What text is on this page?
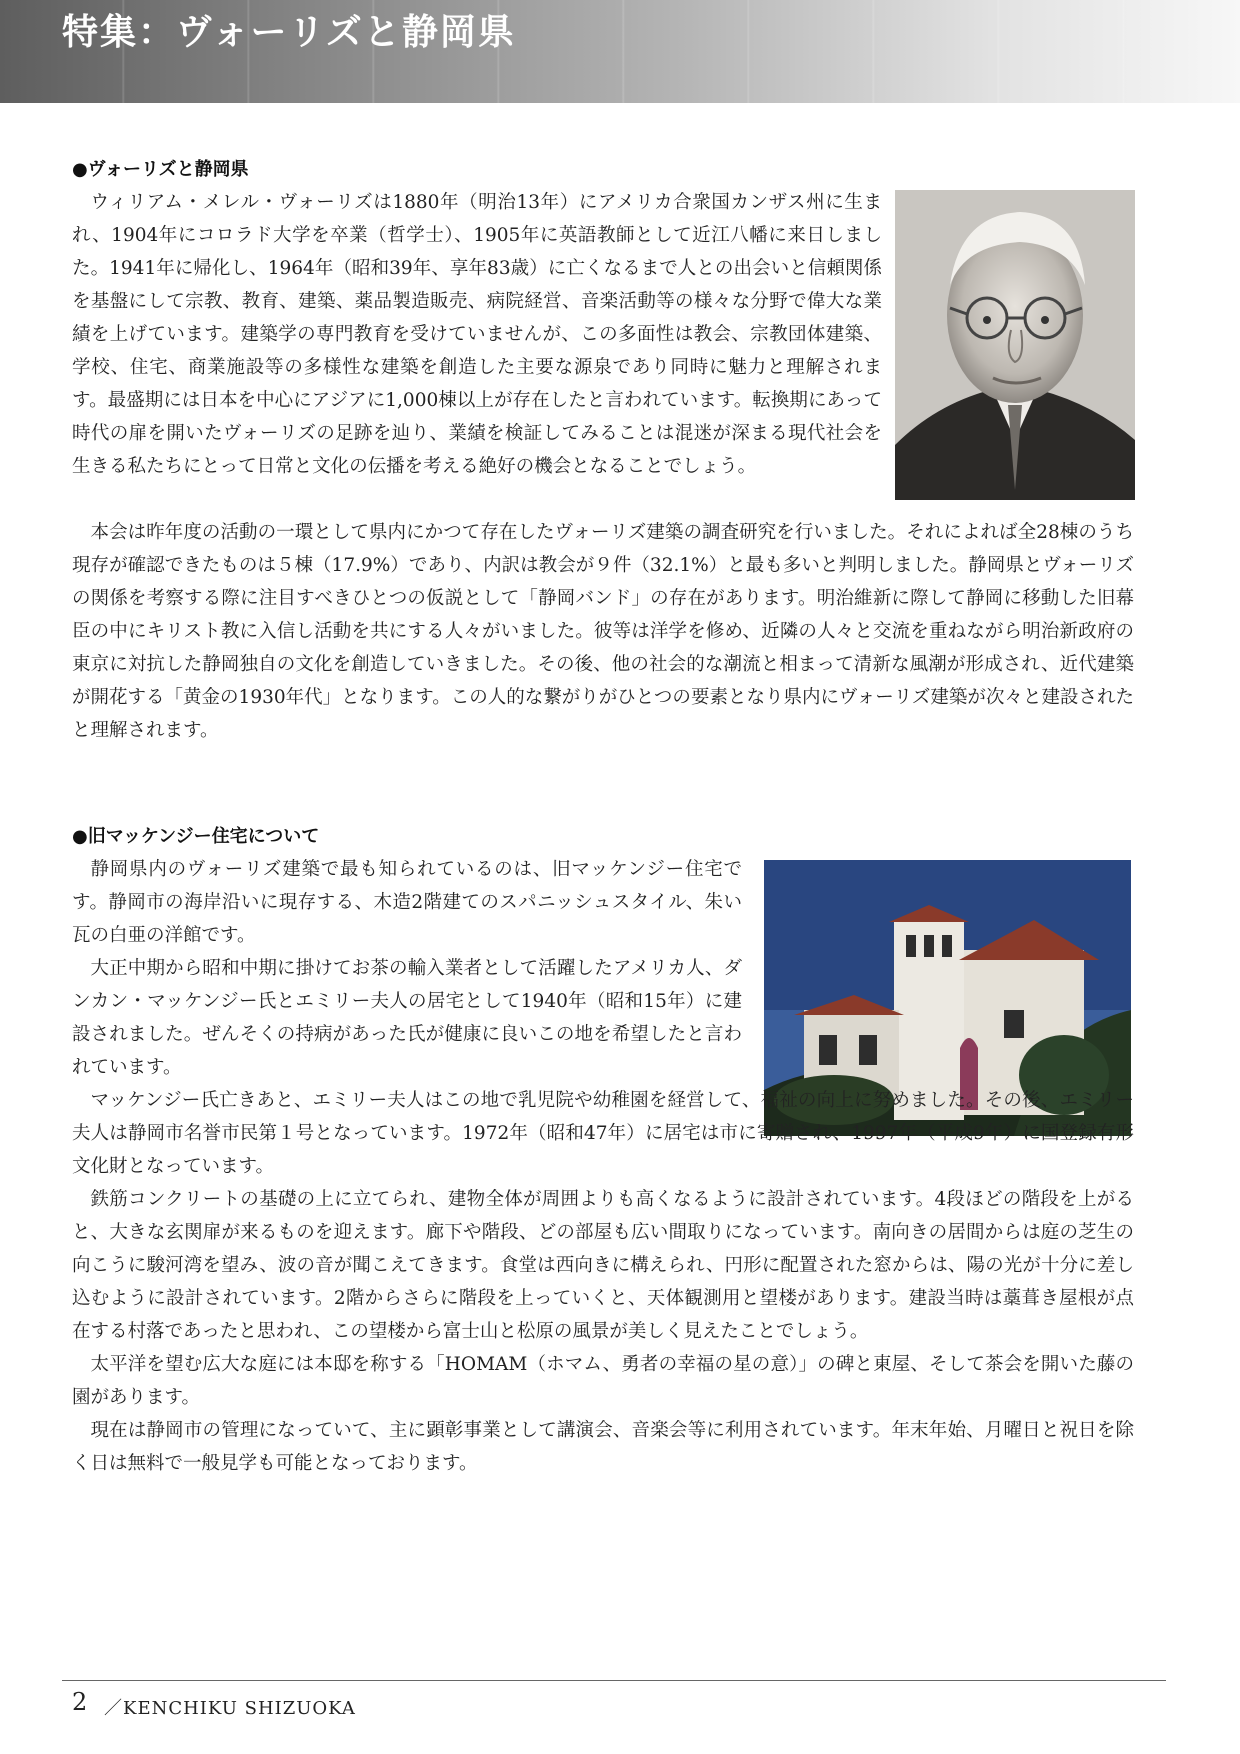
特集：ヴォーリズと静岡県
●ヴォーリズと静岡県

ウィリアム・メレル・ヴォーリズは1880年（明治13年）にアメリカ合衆国カンザス州に生まれ、1904年にコロラド大学を卒業（哲学士）、1905年に英語教師として近江八幡に来日しました。1941年に帰化し、1964年（昭和39年、享年83歳）に亡くなるまで人との出会いと信頼関係を基盤にして宗教、教育、建築、薬品製造販売、病院経営、音楽活動等の様々な分野で偉大な業績を上げています。建築学の専門教育を受けていませんが、この多面性は教会、宗教団体建築、学校、住宅、商業施設等の多様性な建築を創造した主要な源泉であり同時に魅力と理解されます。最盛期には日本を中心にアジアに1,000棟以上が存在したと言われています。転換期にあって時代の扉を開いたヴォーリズの足跡を辿り、業績を検証してみることは混迷が深まる現代社会を生きる私たちにとって日常と文化の伝播を考える絶好の機会となることでしょう。

本会は昨年度の活動の一環として県内にかつて存在したヴォーリズ建築の調査研究を行いました。それによれば全28棟のうち現存が確認できたものは５棟（17.9%）であり、内訳は教会が９件（32.1%）と最も多いと判明しました。静岡県とヴォーリズの関係を考察する際に注目すべきひとつの仮説として「静岡バンド」の存在があります。明治維新に際して静岡に移動した旧幕臣の中にキリスト教に入信し活動を共にする人々がいました。彼等は洋学を修め、近隣の人々と交流を重ねながら明治新政府の東京に対抗した静岡独自の文化を創造していきました。その後、他の社会的な潮流と相まって清新な風潮が形成され、近代建築が開花する「黄金の1930年代」となります。この人的な繋がりがひとつの要素となり県内にヴォーリズ建築が次々と建設されたと理解されます。

●旧マッケンジー住宅について

静岡県内のヴォーリズ建築で最も知られているのは、旧マッケンジー住宅です。静岡市の海岸沿いに現存する、木造2階建てのスパニッシュスタイル、朱い瓦の白亜の洋館です。

大正中期から昭和中期に掛けてお茶の輸入業者として活躍したアメリカ人、ダンカン・マッケンジー氏とエミリー夫人の居宅として1940年（昭和15年）に建設されました。ぜんそくの持病があった氏が健康に良いこの地を希望したと言われています。

マッケンジー氏亡きあと、エミリー夫人はこの地で乳児院や幼稚園を経営して、福祉の向上に努めました。その後、エミリー夫人は静岡市名誉市民第１号となっています。1972年（昭和47年）に居宅は市に寄贈され、1997年（平成9年）に国登録有形文化財となっています。

鉄筋コンクリートの基礎の上に立てられ、建物全体が周囲よりも高くなるように設計されています。4段ほどの階段を上がると、大きな玄関扉が来るものを迎えます。廊下や階段、どの部屋も広い間取りになっています。南向きの居間からは庭の芝生の向こうに駿河湾を望み、波の音が聞こえてきます。食堂は西向きに構えられ、円形に配置された窓からは、陽の光が十分に差し込むように設計されています。2階からさらに階段を上っていくと、天体観測用と望楼があります。建設当時は藁葺き屋根が点在する村落であったと思われ、この望楼から富士山と松原の風景が美しく見えたことでしょう。

太平洋を望む広大な庭には本邸を称する「HOMAM（ホマム、勇者の幸福の星の意）」の碑と東屋、そして茶会を開いた藤の園があります。

現在は静岡市の管理になっていて、主に顕彰事業として講演会、音楽会等に利用されています。年末年始、月曜日と祝日を除く日は無料で一般見学も可能となっております。

2 ／KENCHIKU SHIZUOKA
